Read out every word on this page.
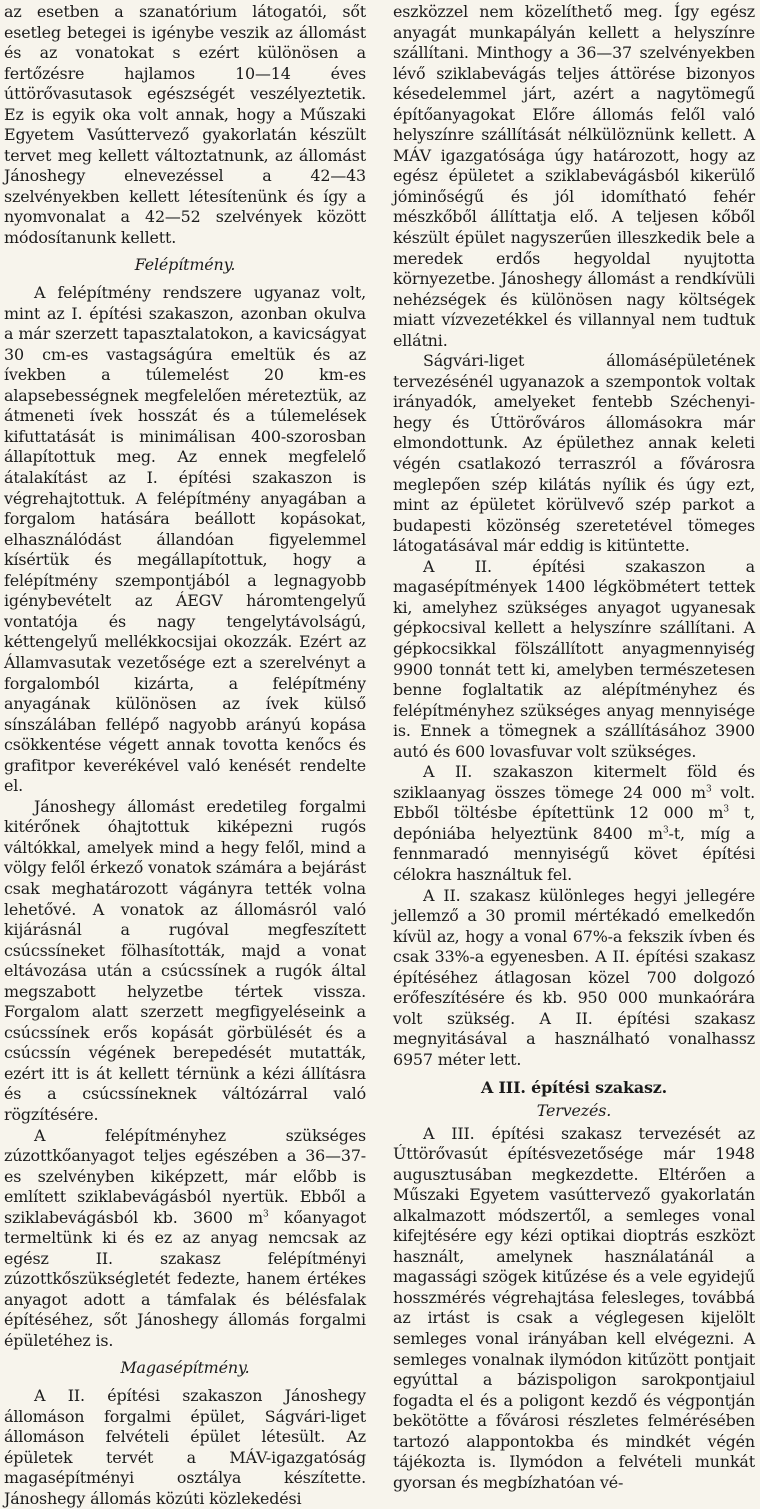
az esetben a szanatórium látogatói, sőt esetleg betegei is igénybe veszik az állomást és az vonatokat s ezért különösen a fertőzésre hajlamos 10—14 éves úttörővasutasok egészségét veszélyeztetik. Ez is egyik oka volt annak, hogy a Műszaki Egyetem Vasúttervező gyakorlatán készült tervet meg kellett változtatnunk, az állomást Jánoshegy elnevezéssel a 42—43 szelvényekben kellett létesítenünk és így a nyomvonalat a 42—52 szelvények között módosítanunk kellett.

Felépítmény.

A felépítmény rendszere ugyanaz volt, mint az I. építési szakaszon, azonban okulva a már szerzett tapasztalatokon, a kavicságyat 30 cm-es vastagságúra emeltük és az ívekben a túlemelést 20 km-es alapsebességnek megfelelően méreteztük, az átmeneti ívek hosszát és a túlemelések kifuttatását is minimálisan 400-szorosban állapítottuk meg. Az ennek megfelelő átalakítást az I. építési szakaszon is végrehajtottuk. A felépítmény anyagában a forgalom hatására beállott kopásokat, elhasználódást állandóan figyelemmel kísértük és megállapítottuk, hogy a felépítmény szempontjából a legnagyobb igénybevételt az ÁEGV háromtengelyű vontatója és nagy tengelytávolságú, kéttengelyű mellékkocsijai okozzák. Ezért az Államvasutak vezetősége ezt a szerelvényt a forgalomból kizárta, a felépítmény anyagának különösen az ívek külső sínszálában fellépő nagyobb arányú kopása csökkentése végett annak tovotta kenőcs és grafitpor keverékével való kenését rendelte el.

Jánoshegy állomást eredetileg forgalmi kitérőnek óhajtottuk kiképezni rugós váltókkal, amelyek mind a hegy felől, mind a völgy felől érkező vonatok számára a bejárást csak meghatározott vágányra tették volna lehetővé. A vonatok az állomásról való kijárásnál a rugóval megfeszített csúcssíneket fölhasították, majd a vonat eltávozása után a csúcssínek a rugók által megszabott helyzetbe tértek vissza. Forgalom alatt szerzett megfigyeléseink a csúcssínek erős kopását görbülését és a csúcssín végének berepedését mutatták, ezért itt is át kellett térnünk a kézi állításra és a csúcssíneknek váltózárral való rögzítésére.

A felépítményhez szükséges zúzottkőanyagot teljes egészében a 36—37-es szelvényben kiképzett, már előbb is említett sziklabevágásból nyertük. Ebből a sziklabevágásból kb. 3600 $m^3$ kőanyagot termeltünk ki és ez az anyag nemcsak az egész II. szakasz felépítményi zúzottkőszükségletét fedezte, hanem értékes anyagot adott a támfalak és bélésfalak építéséhez, sőt Jánoshegy állomás forgalmi épületéhez is.

Magasépítmény.

A II. építési szakaszon Jánoshegy állomáson forgalmi épület, Ságvári-liget állomáson felvételi épület létesült. Az épületek tervét a MÁV-igazgatóság magasépítményi osztálya készítette. Jánoshegy állomás közúti közlekedési

eszközzel nem közelíthető meg. Így egész anyagát munkapályán kellett a helyszínre szállítani. Minthogy a 36—37 szelvényekben lévő sziklabevágás teljes áttörése bizonyos késedelemmel járt, azért a nagytömegű építőanyagokat Előre állomás felől való helyszínre szállítását nélkülöznünk kellett. A MÁV igazgatósága úgy határozott, hogy az egész épületet a sziklabevágásból kikerülő jóminőségű és jól idomítható fehér mészkőből állíttatja elő. A teljesen kőből készült épület nagyszerűen illeszkedik bele a meredek erdős hegyoldal nyujtotta környezetbe. Jánoshegy állomást a rendkívüli nehézségek és különösen nagy költségek miatt vízvezetékkel és villannyal nem tudtuk ellátni.

Ságvári-liget állomásépületének tervezésénél ugyanazok a szempontok voltak irányadók, amelyeket fentebb Széchenyi-hegy és Úttörőváros állomásokra már elmondottunk. Az épülethez annak keleti végén csatlakozó terraszról a fővárosra meglepően szép kilátás nyílik és úgy ezt, mint az épületet körülvevő szép parkot a budapesti közönség szeretetével tömeges látogatásával már eddig is kitüntette.

A II. építési szakaszon a magasépítmények 1400 légköbmétert tettek ki, amelyhez szükséges anyagot ugyanesak gépkocsival kellett a helyszínre szállítani. A gépkocsikkal fölszállított anyagmennyiség 9900 tonnát tett ki, amelyben természetesen benne foglaltatik az alépítményhez és felépítményhez szükséges anyag mennyisége is. Ennek a tömegnek a szállításához 3900 autó és 600 lovasfuvar volt szükséges.

A II. szakaszon kitermelt föld és sziklaanyag összes tömege 24 000 $m^3$ volt. Ebből töltésbe építettünk 12 000 $m^3$ t, depóniába helyeztünk 8400 $m^3-t$, míg a fennmaradó mennyiségű követ építési célokra használtuk fel.

A II. szakasz különleges hegyi jellegére jellemző a 30 promil mértékadó emelkedőn kívül az, hogy a vonal 67%-a fekszik ívben és csak 33%-a egyenesben. A II. építési szakasz építéséhez átlagosan közel 700 dolgozó erőfeszítésére és kb. 950 000 munkaórára volt szükség. A II. építési szakasz megnyitásával a használható vonalhassz 6957 méter lett.

A III. építési szakasz.
Tervezés.

A III. építési szakasz tervezését az Úttörővasút építésvezetősége már 1948 augusztusában megkezdette. Eltérően a Műszaki Egyetem vasúttervező gyakorlatán alkalmazott módszertől, a semleges vonal kifejtésére egy kézi optikai dioptrás eszközt használt, amelynek használatánál a magassági szögek kitűzése és a vele egyidejű hosszmérés végrehajtása felesleges, továbbá az irtást is csak a véglegesen kijelölt semleges vonal irányában kell elvégezni. A semleges vonalnak ilymódon kitűzött pontjait egyúttal a bázispoligon sarokpontjaiul fogadta el és a poligont kezdő és végpontján bekötötte a fővárosi részletes felmérésében tartozó alappontokba és mindkét végén tájékozta is. Ilymódon a felvételi munkát gyorsan és megbízhatóan vé-
